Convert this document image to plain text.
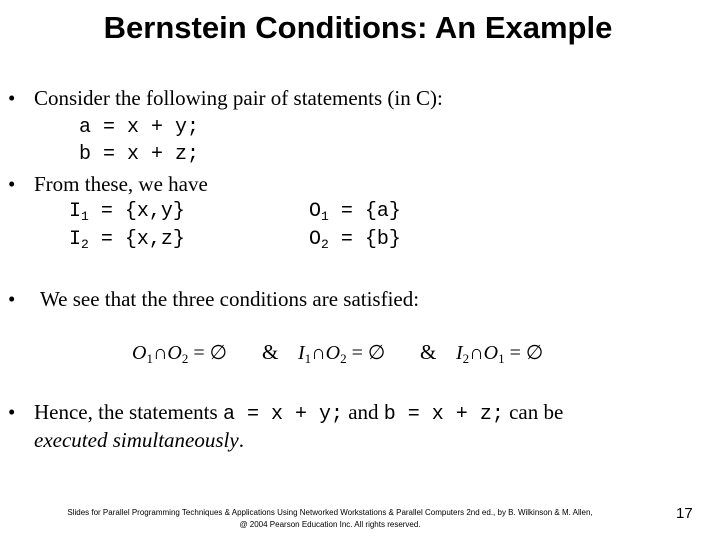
Bernstein Conditions: An Example
• Consider the following pair of statements (in C):
a = x + y;
b = x + z;
• From these, we have
$I_1 = \{x,y\}$
$I_2 = \{x,z\}$
$O_1 = \{a\}$
$O_2 = \{b\}$
• We see that the three conditions are satisfied:
$O_1\cap O_2$ = ∅ & $I_1\cap O_2$ = ∅ & $I_2\cap O_1$ = ∅
• Hence, the statements a = x + y; and b = x + z; can be
executed simultaneously.
Slides for Parallel Programming Techniques & Applications Using Networked Workstations & Parallel Computers 2nd ed., by B. Wilkinson & M. Allen,
@ 2004 Pearson Education Inc. All rights reserved.
17
